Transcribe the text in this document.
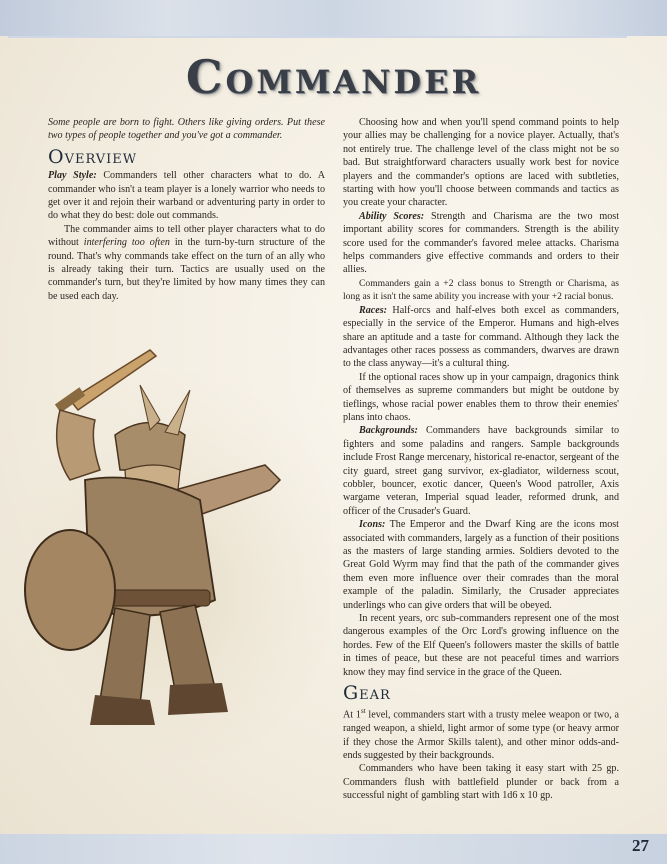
Commander

Some people are born to fight. Others like giving orders. Put these two types of people together and you've got a commander.

Overview

Play Style: Commanders tell other characters what to do. A commander who isn't a team player is a lonely warrior who needs to get over it and rejoin their warband or adventuring party in order to do what they do best: dole out commands.

The commander aims to tell other player characters what to do without interfering too often in the turn-by-turn structure of the round. That's why commands take effect on the turn of an ally who is already taking their turn. Tactics are usually used on the commander's turn, but they're limited by how many times they can be used each day.

Choosing how and when you'll spend command points to help your allies may be challenging for a novice player. Actually, that's not entirely true. The challenge level of the class might not be so bad. But straightforward characters usually work best for novice players and the commander's options are laced with subtleties, starting with how you'll choose between commands and tactics as you create your character.

Ability Scores: Strength and Charisma are the two most important ability scores for commanders. Strength is the ability score used for the commander's favored melee attacks. Charisma helps commanders give effective commands and orders to their allies.

Commanders gain a +2 class bonus to Strength or Charisma, as long as it isn't the same ability you increase with your +2 racial bonus.

Races: Half-orcs and half-elves both excel as commanders, especially in the service of the Emperor. Humans and high-elves share an aptitude and a taste for command. Although they lack the advantages other races possess as commanders, dwarves are drawn to the class anyway—it's a cultural thing.

If the optional races show up in your campaign, dragonics think of themselves as supreme commanders but might be outdone by tieflings, whose racial power enables them to throw their enemies' plans into chaos.

Backgrounds: Commanders have backgrounds similar to fighters and some paladins and rangers. Sample backgrounds include Frost Range mercenary, historical re-enactor, sergeant of the city guard, street gang survivor, ex-gladiator, wilderness scout, cobbler, bouncer, exotic dancer, Queen's Wood patroller, Axis wargame veteran, Imperial squad leader, reformed drunk, and officer of the Crusader's Guard.

Icons: The Emperor and the Dwarf King are the icons most associated with commanders, largely as a function of their positions as the masters of large standing armies. Soldiers devoted to the Great Gold Wyrm may find that the path of the commander gives them even more influence over their comrades than the moral example of the paladin. Similarly, the Crusader appreciates underlings who can give orders that will be obeyed.

In recent years, orc sub-commanders represent one of the most dangerous examples of the Orc Lord's growing influence on the hordes. Few of the Elf Queen's followers master the skills of battle in times of peace, but these are not peaceful times and warriors know they may find service in the grace of the Queen.

Gear

At 1st level, commanders start with a trusty melee weapon or two, a ranged weapon, a shield, light armor of some type (or heavy armor if they chose the Armor Skills talent), and other minor odds-and-ends suggested by their backgrounds.

Commanders who have been taking it easy start with 25 gp. Commanders flush with battlefield plunder or back from a successful night of gambling start with 1d6 x 10 gp.

27
